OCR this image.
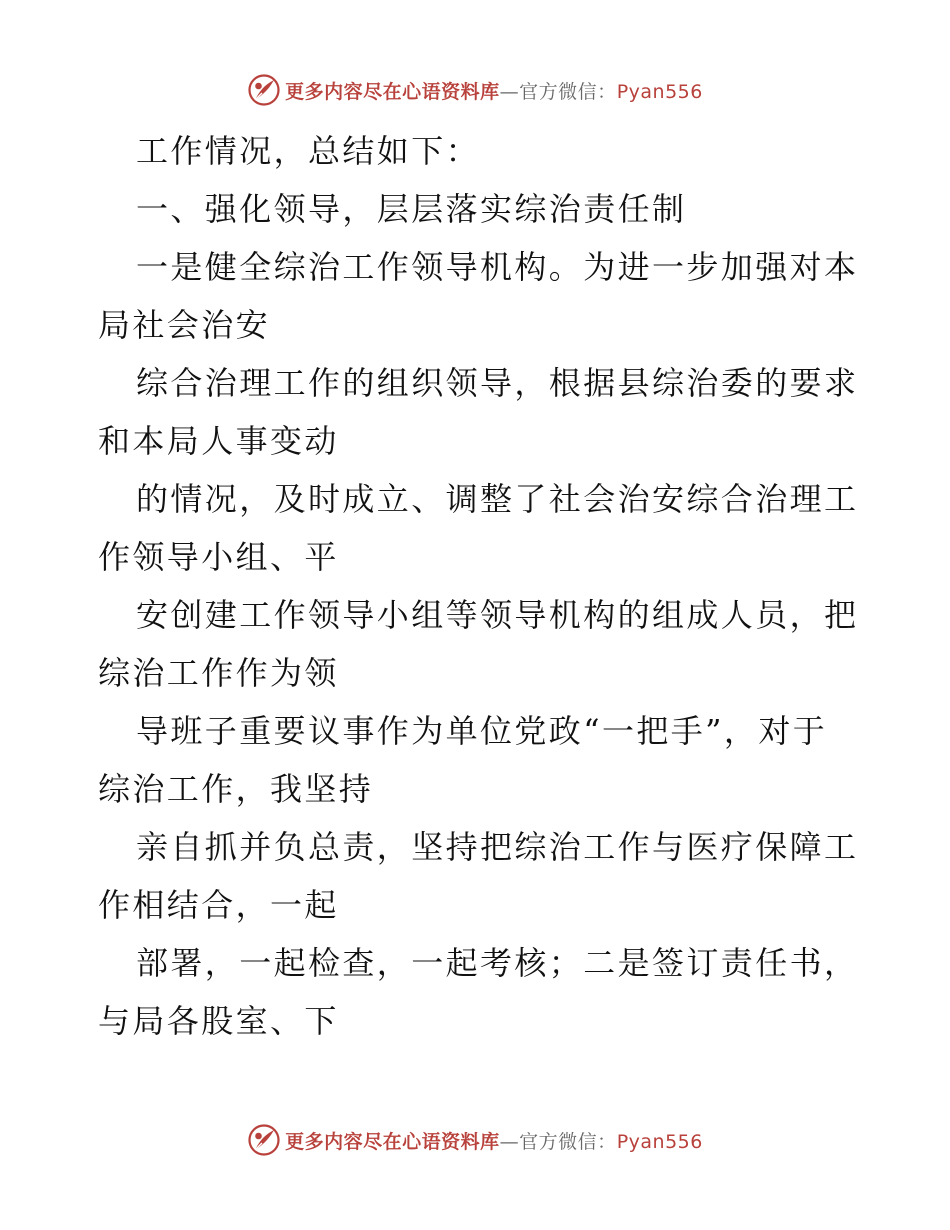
更多内容尽在心语资料库—官方微信：Pyan556

工作情况，总结如下：

一、强化领导，层层落实综治责任制

一是健全综治工作领导机构。为进一步加强对本
局社会治安

综合治理工作的组织领导，根据县综治委的要求
和本局人事变动

的情况，及时成立、调整了社会治安综合治理工
作领导小组、平

安创建工作领导小组等领导机构的组成人员，把
综治工作作为领

导班子重要议事作为单位党政“一把手”，对于
综治工作，我坚持

亲自抓并负总责，坚持把综治工作与医疗保障工
作相结合，一起

部署，一起检查，一起考核；二是签订责任书，
与局各股室、下

更多内容尽在心语资料库—官方微信：Pyan556
